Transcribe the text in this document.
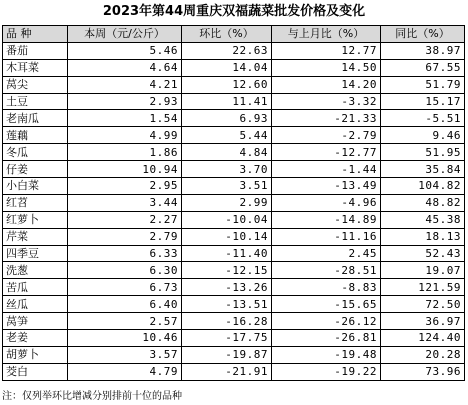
2023年第44周重庆双福蔬菜批发价格及变化
品 种	本周（元/公斤）	环比（%）	与上月比（%）	同比（%）
番茄	5.46	22.63	12.77	38.97
木耳菜	4.64	14.04	14.50	67.55
莴尖	4.21	12.60	14.20	51.79
土豆	2.93	11.41	-3.32	15.17
老南瓜	1.54	6.93	-21.33	-5.51
莲藕	4.99	5.44	-2.79	9.46
冬瓜	1.86	4.84	-12.77	51.95
仔姜	10.94	3.70	-1.44	35.84
小白菜	2.95	3.51	-13.49	104.82
红苕	3.44	2.99	-4.96	48.82
红萝卜	2.27	-10.04	-14.89	45.38
芹菜	2.79	-10.14	-11.16	18.13
四季豆	6.33	-11.40	2.45	52.43
洗葱	6.30	-12.15	-28.51	19.07
苦瓜	6.73	-13.26	-8.83	121.59
丝瓜	6.40	-13.51	-15.65	72.50
莴笋	2.57	-16.28	-26.12	36.97
老姜	10.46	-17.75	-26.81	124.40
胡萝卜	3.57	-19.87	-19.48	20.28
茭白	4.79	-21.91	-19.22	73.96
注：仅列举环比增减分别排前十位的品种
